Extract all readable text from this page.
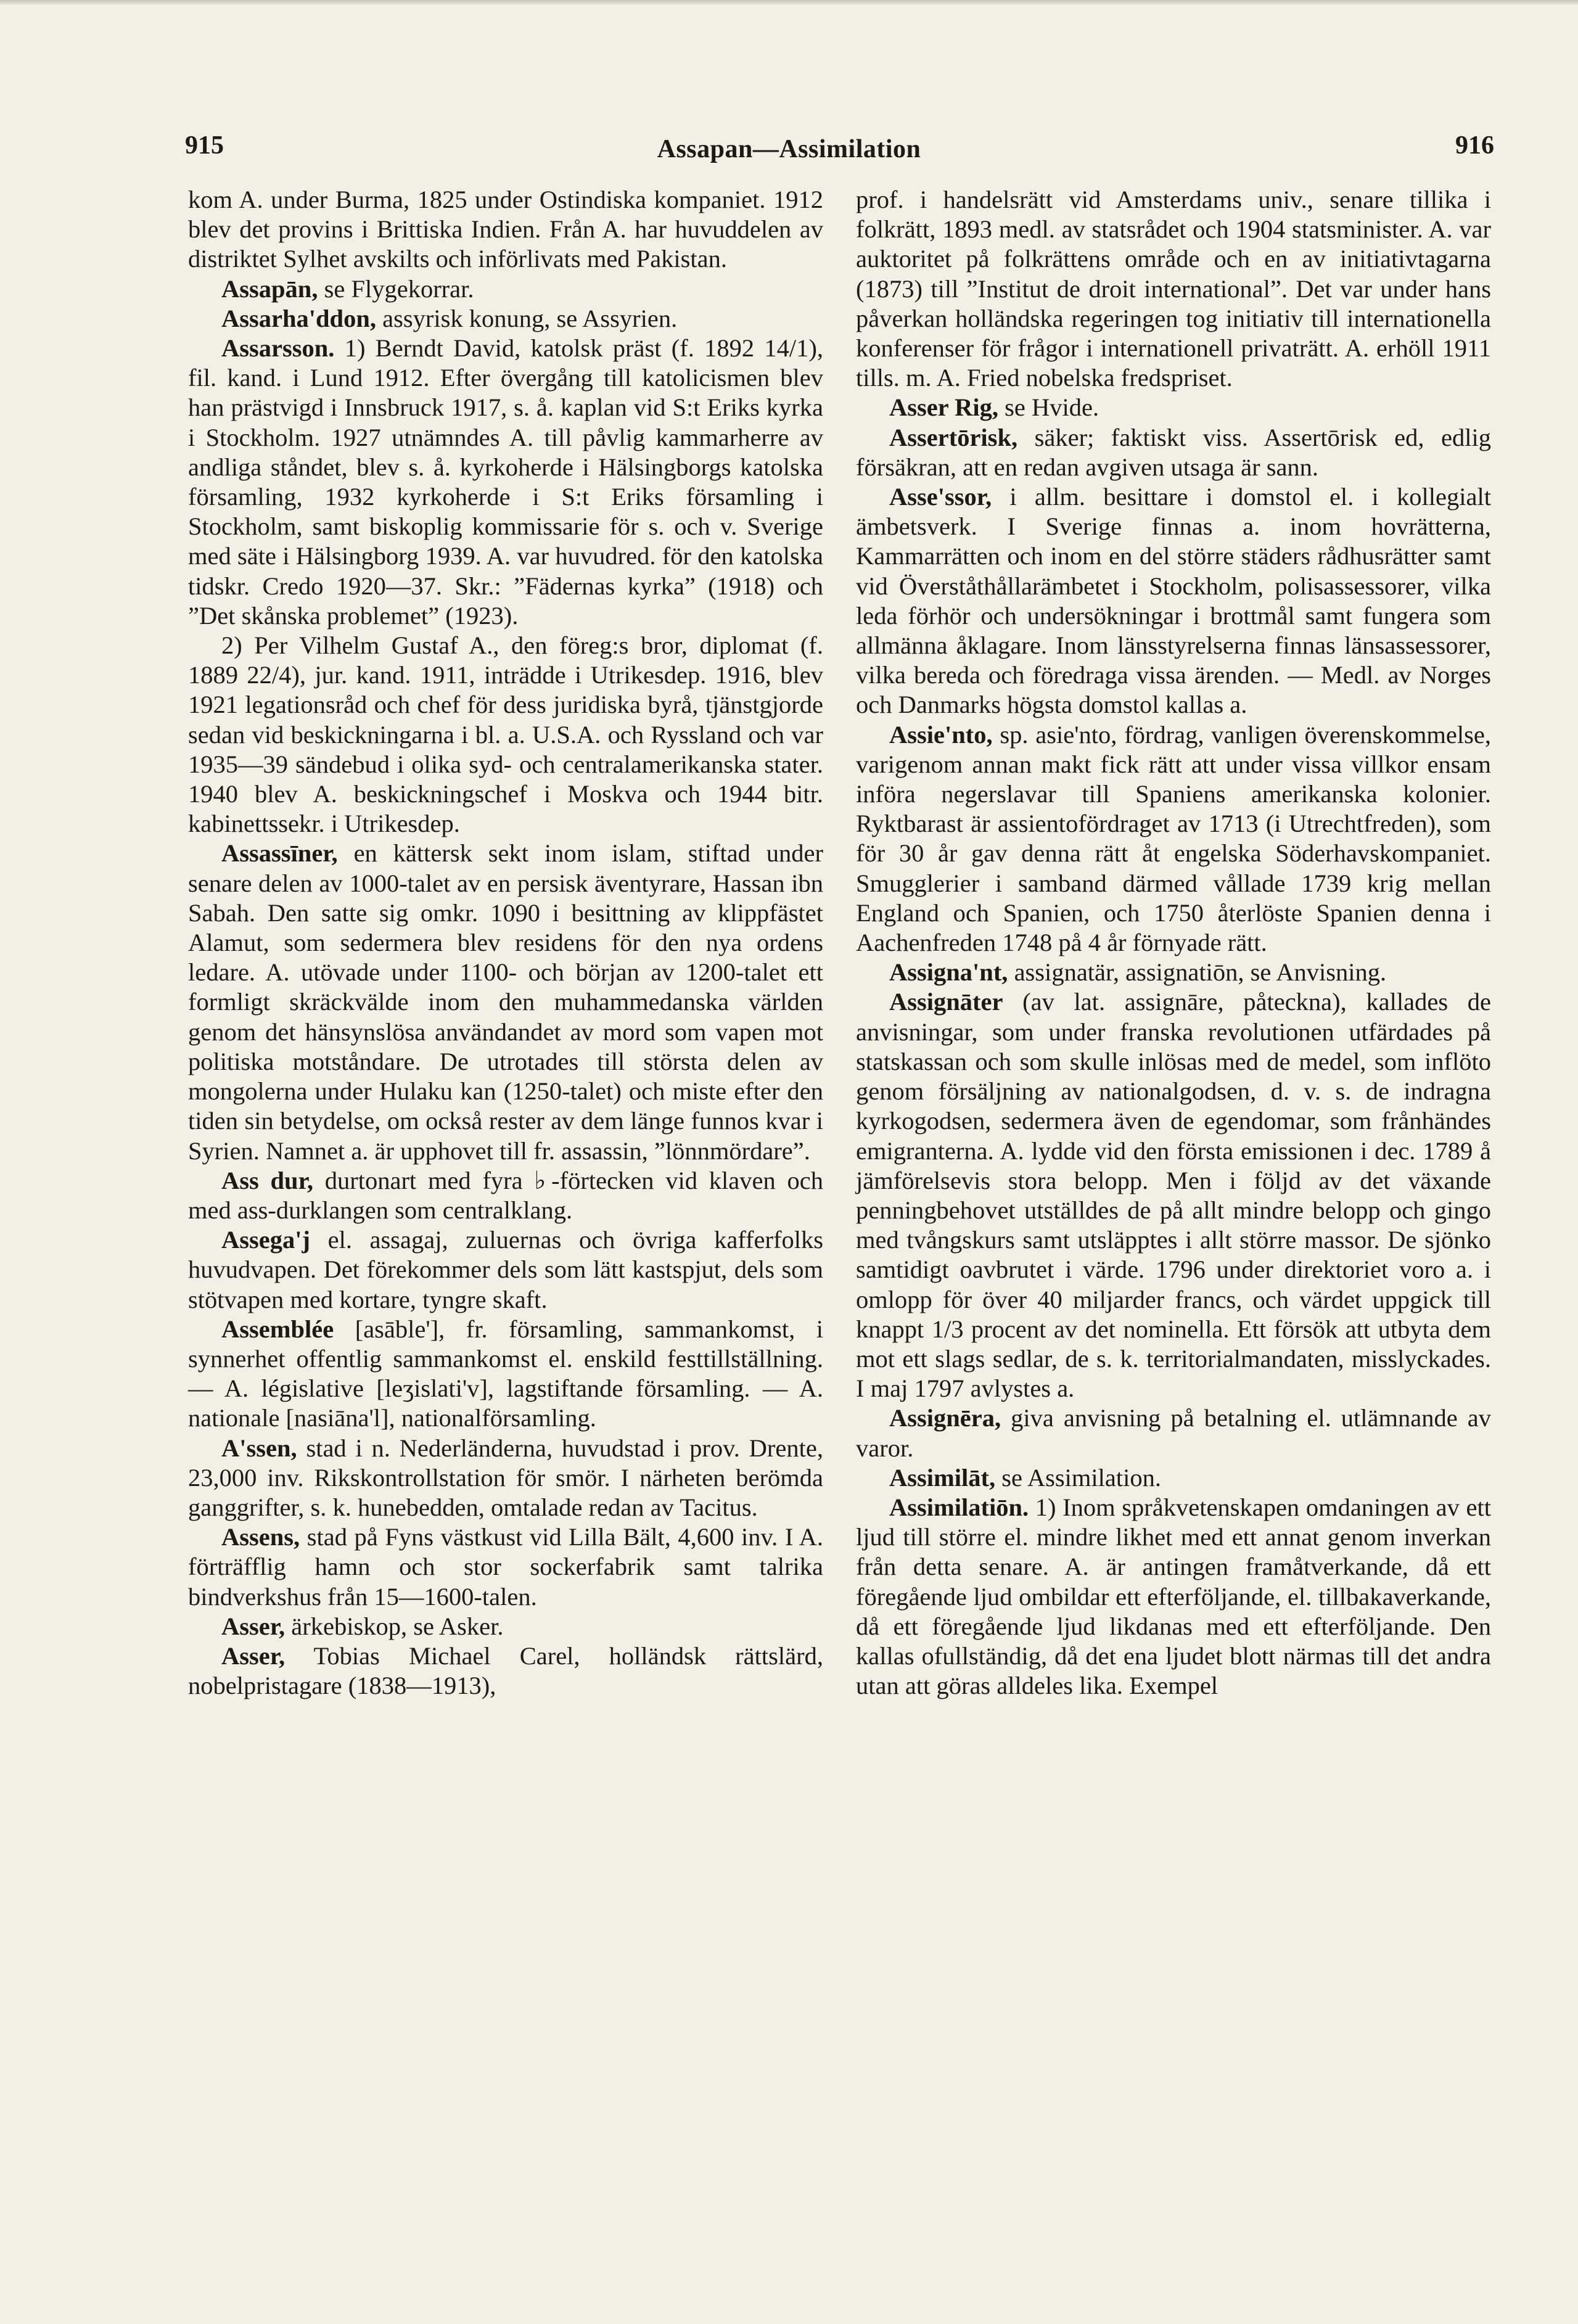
915	Assapan—Assimilation	916

kom A. under Burma, 1825 under Ostindiska kompaniet. 1912 blev det provins i Brittiska Indien. Från A. har huvuddelen av distriktet Sylhet avskilts och införlivats med Pakistan.

Assapān, se Flygekorrar.

Assarha'ddon, assyrisk konung, se Assyrien.

Assarsson. 1) Berndt David, katolsk präst (f. 1892 14/1), fil. kand. i Lund 1912. Efter övergång till katolicismen blev han prästvigd i Innsbruck 1917, s. å. kaplan vid S:t Eriks kyrka i Stockholm. 1927 utnämndes A. till påvlig kammarherre av andliga ståndet, blev s. å. kyrkoherde i Hälsingborgs katolska församling, 1932 kyrkoherde i S:t Eriks församling i Stockholm, samt biskoplig kommissarie för s. och v. Sverige med säte i Hälsingborg 1939. A. var huvudred. för den katolska tidskr. Credo 1920—37. Skr.: ”Fädernas kyrka” (1918) och ”Det skånska problemet” (1923).

2) Per Vilhelm Gustaf A., den föreg:s bror, diplomat (f. 1889 22/4), jur. kand. 1911, inträdde i Utrikesdep. 1916, blev 1921 legationsråd och chef för dess juridiska byrå, tjänstgjorde sedan vid beskickningarna i bl. a. U.S.A. och Ryssland och var 1935—39 sändebud i olika syd- och centralamerikanska stater. 1940 blev A. beskickningschef i Moskva och 1944 bitr. kabinettssekr. i Utrikesdep.

Assassīner, en kättersk sekt inom islam, stiftad under senare delen av 1000-talet av en persisk äventyrare, Hassan ibn Sabah. Den satte sig omkr. 1090 i besittning av klippfästet Alamut, som sedermera blev residens för den nya ordens ledare. A. utövade under 1100- och början av 1200-talet ett formligt skräckvälde inom den muhammedanska världen genom det hänsynslösa användandet av mord som vapen mot politiska motståndare. De utrotades till största delen av mongolerna under Hulaku kan (1250-talet) och miste efter den tiden sin betydelse, om också rester av dem länge funnos kvar i Syrien. Namnet a. är upphovet till fr. assassin, ”lönnmördare”.

Ass dur, durtonart med fyra ♭-förtecken vid klaven och med ass-durklangen som centralklang.

Assega'j el. assagaj, zuluernas och övriga kafferfolks huvudvapen. Det förekommer dels som lätt kastspjut, dels som stötvapen med kortare, tyngre skaft.

Assemblée [asāble'], fr. församling, sammankomst, i synnerhet offentlig sammankomst el. enskild festtillställning. — A. législative [leʒislati'v], lagstiftande församling. — A. nationale [nasiāna'l], nationalförsamling.

A'ssen, stad i n. Nederländerna, huvudstad i prov. Drente, 23,000 inv. Rikskontrollstation för smör. I närheten berömda ganggrifter, s. k. hunebedden, omtalade redan av Tacitus.

Assens, stad på Fyns västkust vid Lilla Bält, 4,600 inv. I A. förträfflig hamn och stor sockerfabrik samt talrika bindverkshus från 15—1600-talen.

Asser, ärkebiskop, se Asker.

Asser, Tobias Michael Carel, holländsk rättslärd, nobelpristagare (1838—1913),

prof. i handelsrätt vid Amsterdams univ., senare tillika i folkrätt, 1893 medl. av statsrådet och 1904 statsminister. A. var auktoritet på folkrättens område och en av initiativtagarna (1873) till ”Institut de droit international”. Det var under hans påverkan holländska regeringen tog initiativ till internationella konferenser för frågor i internationell privaträtt. A. erhöll 1911 tills. m. A. Fried nobelska fredspriset.

Asser Rig, se Hvide.

Assertōrisk, säker; faktiskt viss. Assertōrisk ed, edlig försäkran, att en redan avgiven utsaga är sann.

Asse'ssor, i allm. besittare i domstol el. i kollegialt ämbetsverk. I Sverige finnas a. inom hovrätterna, Kammarrätten och inom en del större städers rådhusrätter samt vid Överståthållarämbetet i Stockholm, polisassessorer, vilka leda förhör och undersökningar i brottmål samt fungera som allmänna åklagare. Inom länsstyrelserna finnas länsassessorer, vilka bereda och föredraga vissa ärenden. — Medl. av Norges och Danmarks högsta domstol kallas a.

Assie'nto, sp. asie'nto, fördrag, vanligen överenskommelse, varigenom annan makt fick rätt att under vissa villkor ensam införa negerslavar till Spaniens amerikanska kolonier. Ryktbarast är assientofördraget av 1713 (i Utrechtfreden), som för 30 år gav denna rätt åt engelska Söderhavskompaniet. Smugglerier i samband därmed vållade 1739 krig mellan England och Spanien, och 1750 återlöste Spanien denna i Aachenfreden 1748 på 4 år förnyade rätt.

Assigna'nt, assignatär, assignatiōn, se Anvisning.

Assignāter (av lat. assignāre, påteckna), kallades de anvisningar, som under franska revolutionen utfärdades på statskassan och som skulle inlösas med de medel, som inflöto genom försäljning av nationalgodsen, d. v. s. de indragna kyrkogodsen, sedermera även de egendomar, som frånhändes emigranterna. A. lydde vid den första emissionen i dec. 1789 å jämförelsevis stora belopp. Men i följd av det växande penningbehovet utställdes de på allt mindre belopp och gingo med tvångskurs samt utsläpptes i allt större massor. De sjönko samtidigt oavbrutet i värde. 1796 under direktoriet voro a. i omlopp för över 40 miljarder francs, och värdet uppgick till knappt 1/3 procent av det nominella. Ett försök att utbyta dem mot ett slags sedlar, de s. k. territorialmandaten, misslyckades. I maj 1797 avlystes a.

Assignēra, giva anvisning på betalning el. utlämnande av varor.

Assimilāt, se Assimilation.

Assimilatiōn. 1) Inom språkvetenskapen omdaningen av ett ljud till större el. mindre likhet med ett annat genom inverkan från detta senare. A. är antingen framåtverkande, då ett föregående ljud ombildar ett efterföljande, el. tillbakaverkande, då ett föregående ljud likdanas med ett efterföljande. Den kallas ofullständig, då det ena ljudet blott närmas till det andra utan att göras alldeles lika. Exempel
